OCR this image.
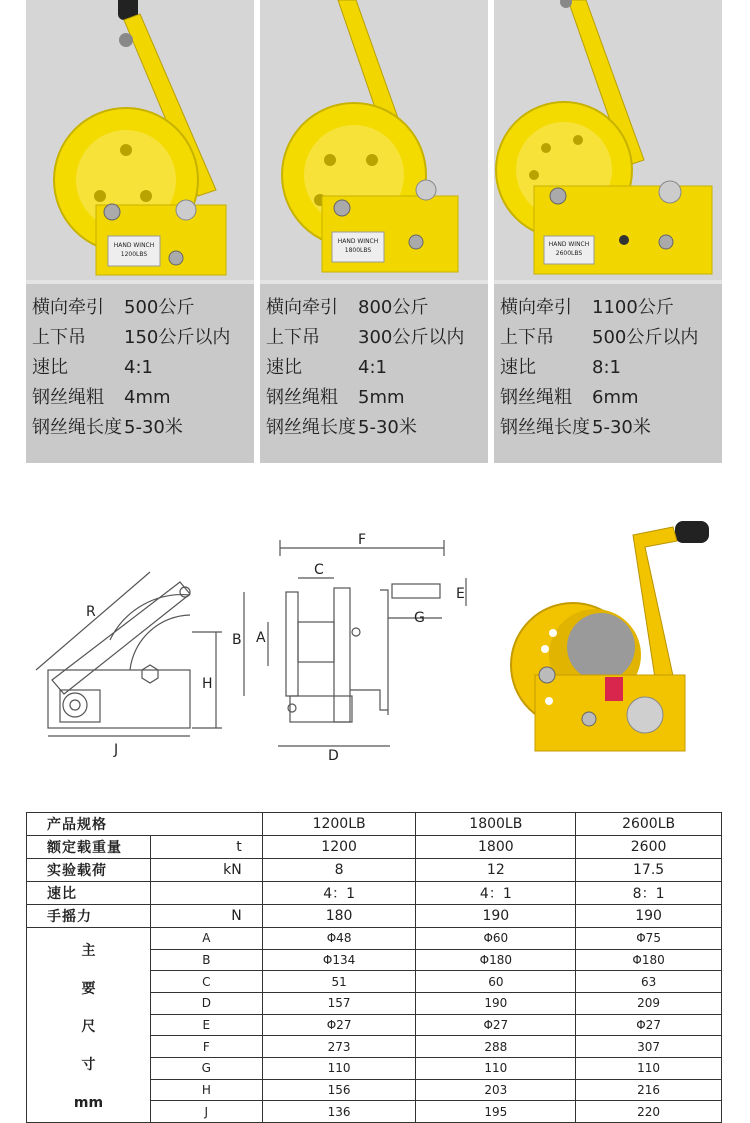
HAND WINCH
1200LBS
横向牵引 500公斤
上下吊 150公斤以内
速比	4:1
钢丝绳粗 4mm
钢丝绳长度 5-30米
HAND WINCH
1800LBS
横向牵引 800公斤
上下吊 300公斤以内
速比	4:1
钢丝绳粗 5mm
钢丝绳长度 5-30米
HAND WINCH
2600LBS
横向牵引 1100公斤
上下吊 500公斤以内
速比	8:1
钢丝绳粗 6mm
钢丝绳长度 5-30米
R
H
J
F
C
B A
E
G
D
产品规格		1200LB	1800LB	2600LB
额定载重量	t	1200	1800	2600
实验载荷	kN	8	12	17.5
速比		4：1	4：1	8：1
手摇力	N	180	190	190

主
要
尺
寸
mm	A	Φ48	Φ60	Φ75
	B	Φ134	Φ180	Φ180
	C	51	60	63
	D	157	190	209
	E	Φ27	Φ27	Φ27
	F	273	288	307
	G	110	110	110
	H	156	203	216
	J	136	195	220
